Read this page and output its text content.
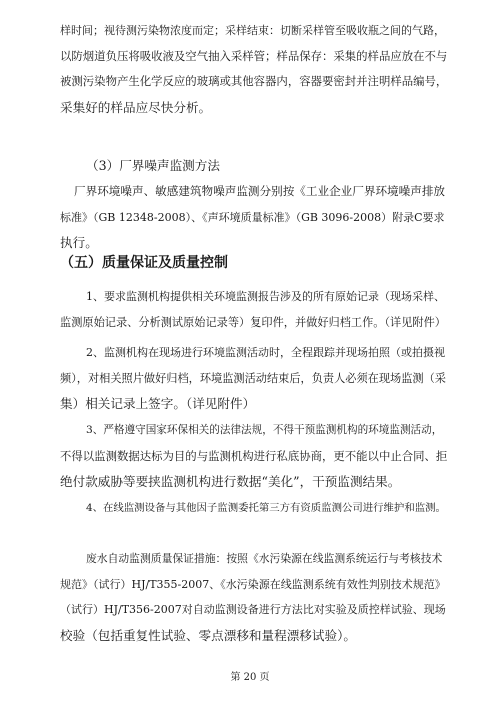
样时间；视待测污染物浓度而定；采样结束：切断采样管至吸收瓶之间的气路，
以防烟道负压将吸收液及空气抽入采样管；样品保存：采集的样品应放在不与
被测污染物产生化学反应的玻璃或其他容器内，容器要密封并注明样品编号，
采集好的样品应尽快分析。

（3）厂界噪声监测方法

厂界环境噪声、敏感建筑物噪声监测分别按《工业企业厂界环境噪声排放
标准》（GB 12348-2008）、《声环境质量标准》（GB 3096-2008）附录C要求
执行。

（五）质量保证及质量控制

1、要求监测机构提供相关环境监测报告涉及的所有原始记录（现场采样、
监测原始记录、分析测试原始记录等）复印件，并做好归档工作。（详见附件）

2、监测机构在现场进行环境监测活动时，全程跟踪并现场拍照（或拍摄视
频），对相关照片做好归档，环境监测活动结束后，负责人必须在现场监测（采
集）相关记录上签字。（详见附件）

3、严格遵守国家环保相关的法律法规，不得干预监测机构的环境监测活动，
不得以监测数据达标为目的与监测机构进行私底协商，更不能以中止合同、拒
绝付款威胁等要挟监测机构进行数据“美化”，干预监测结果。

4、在线监测设备与其他因子监测委托第三方有资质监测公司进行维护和监测。

废水自动监测质量保证措施：按照《水污染源在线监测系统运行与考核技术
规范》（试行）HJ/T355-2007、《水污染源在线监测系统有效性判别技术规范》
（试行）HJ/T356-2007对自动监测设备进行方法比对实验及质控样试验、现场
校验（包括重复性试验、零点漂移和量程漂移试验）。

第 20 页
